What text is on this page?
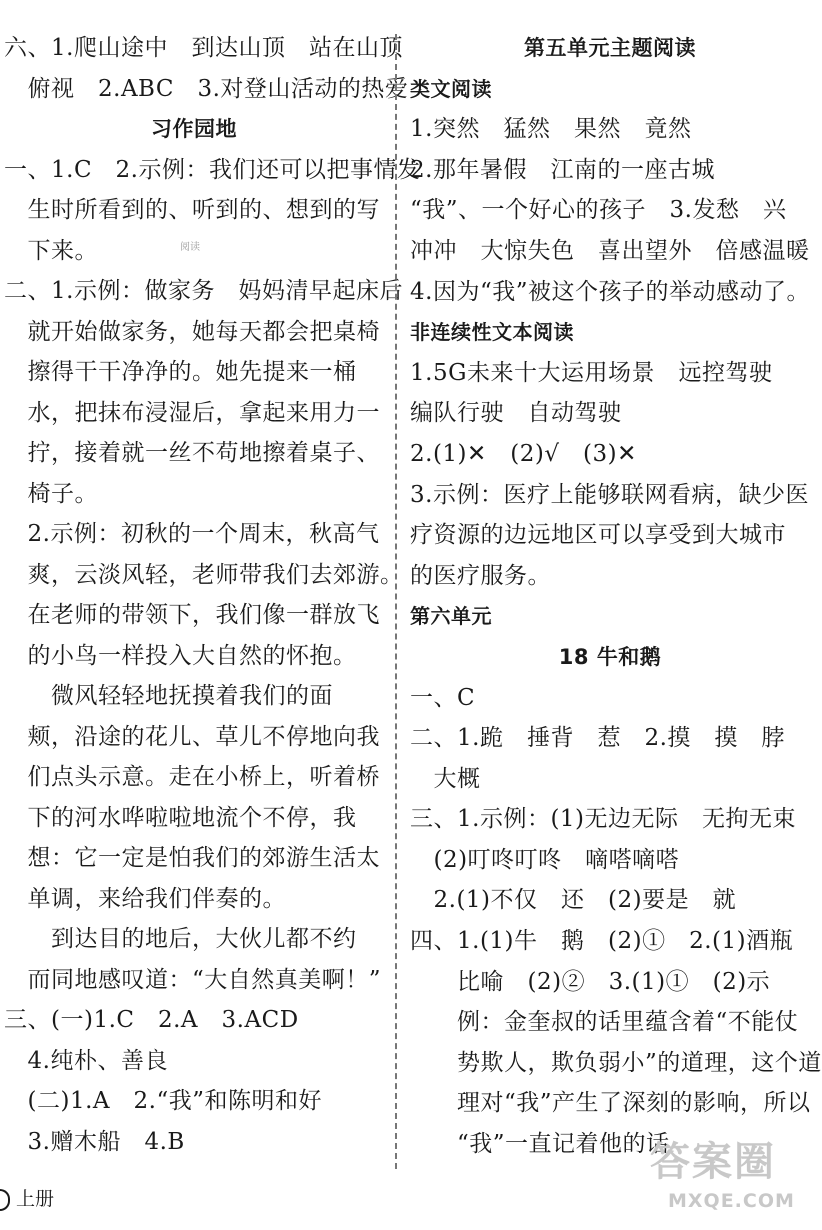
六、1.爬山途中　到达山顶　站在山顶
　俯视　2.ABC　3.对登山活动的热爱
习作园地
一、1.C　2.示例：我们还可以把事情发
　生时所看到的、听到的、想到的写
　下来。
二、1.示例：做家务　妈妈清早起床后
　就开始做家务，她每天都会把桌椅
　擦得干干净净的。她先提来一桶
　水，把抹布浸湿后，拿起来用力一
　拧，接着就一丝不苟地擦着桌子、
　椅子。
　2.示例：初秋的一个周末，秋高气
　爽，云淡风轻，老师带我们去郊游。
　在老师的带领下，我们像一群放飞
　的小鸟一样投入大自然的怀抱。
　　微风轻轻地抚摸着我们的面
　颊，沿途的花儿、草儿不停地向我
　们点头示意。走在小桥上，听着桥
　下的河水哗啦啦地流个不停，我
　想：它一定是怕我们的郊游生活太
　单调，来给我们伴奏的。
　　到达目的地后，大伙儿都不约
　而同地感叹道：“大自然真美啊！”
三、(一)1.C　2.A　3.ACD
　4.纯朴、善良
　(二)1.A　2.“我”和陈明和好
　3.赠木船　4.B
第五单元主题阅读
类文阅读
1.突然　猛然　果然　竟然
2.那年暑假　江南的一座古城
“我”、一个好心的孩子　3.发愁　兴
冲冲　大惊失色　喜出望外　倍感温暖
4.因为“我”被这个孩子的举动感动了。
非连续性文本阅读
1.5G未来十大运用场景　远控驾驶
编队行驶　自动驾驶
2.(1)✕　(2)√　(3)✕
3.示例：医疗上能够联网看病，缺少医
疗资源的边远地区可以享受到大城市
的医疗服务。
第六单元
18 牛和鹅
一、C
二、1.跪　捶背　惹　2.摸　摸　脖
　大概
三、1.示例：(1)无边无际　无拘无束
　(2)叮咚叮咚　嘀嗒嘀嗒
　2.(1)不仅　还　(2)要是　就
四、1.(1)牛　鹅　(2)①　2.(1)酒瓶
　　比喻　(2)②　3.(1)①　(2)示
　　例：金奎叔的话里蕴含着“不能仗
　　势欺人，欺负弱小”的道理，这个道
　　理对“我”产生了深刻的影响，所以
　　“我”一直记着他的话
阅读
上册
答案圈
MXQE.COM
